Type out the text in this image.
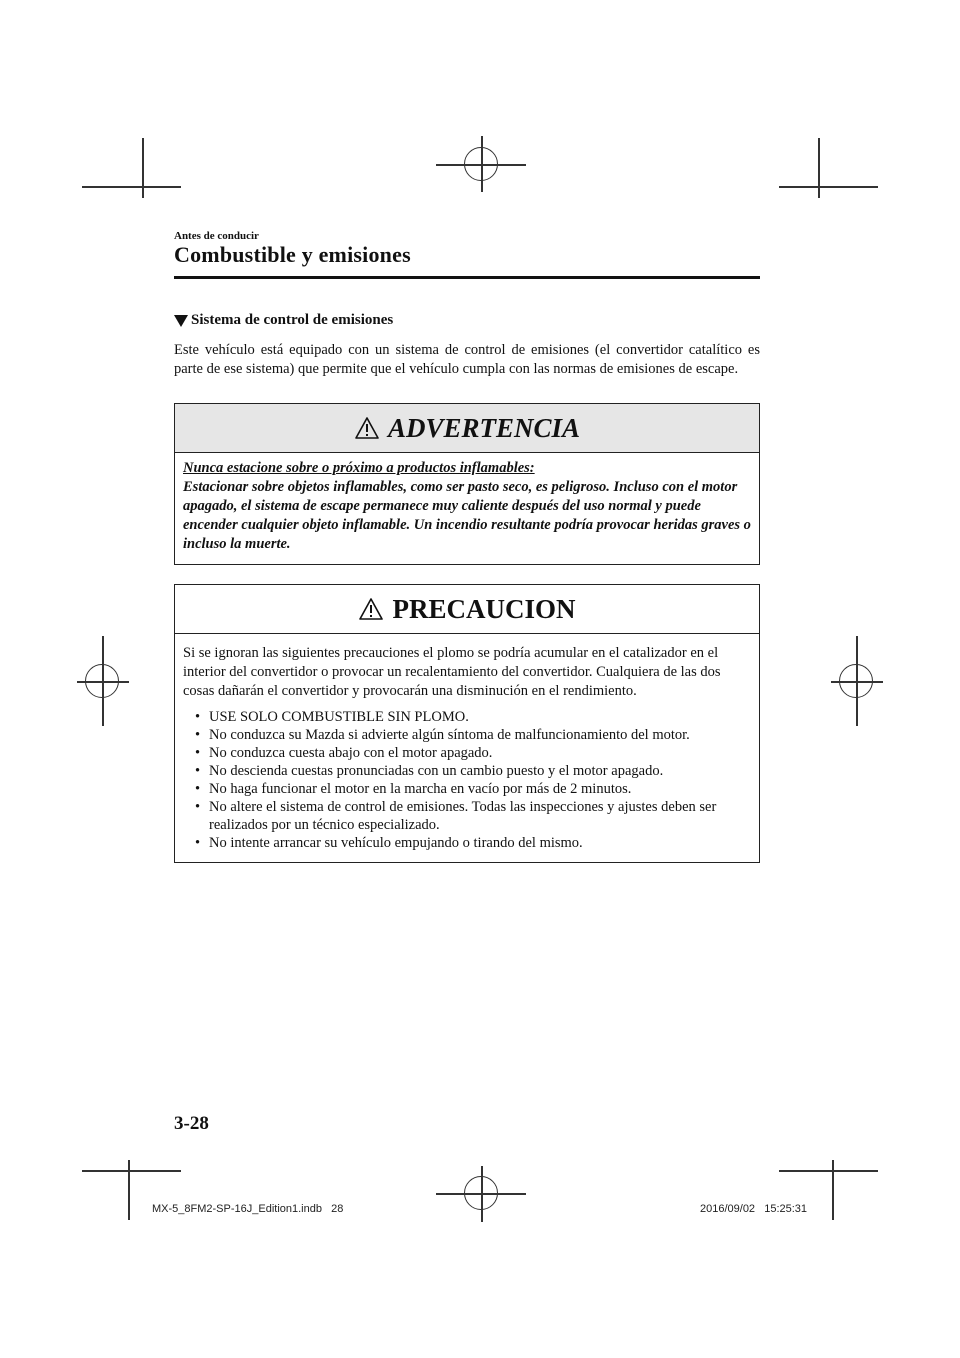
Antes de conducir
Combustible y emisiones
Sistema de control de emisiones
Este vehículo está equipado con un sistema de control de emisiones (el convertidor catalítico es parte de ese sistema) que permite que el vehículo cumpla con las normas de emisiones de escape.
ADVERTENCIA
Nunca estacione sobre o próximo a productos inflamables:
Estacionar sobre objetos inflamables, como ser pasto seco, es peligroso. Incluso con el motor apagado, el sistema de escape permanece muy caliente después del uso normal y puede encender cualquier objeto inflamable. Un incendio resultante podría provocar heridas graves o incluso la muerte.
PRECAUCION

Si se ignoran las siguientes precauciones el plomo se podría acumular en el catalizador en el interior del convertidor o provocar un recalentamiento del convertidor. Cualquiera de las dos cosas dañarán el convertidor y provocarán una disminución en el rendimiento.

• USE SOLO COMBUSTIBLE SIN PLOMO.
• No conduzca su Mazda si advierte algún síntoma de malfuncionamiento del motor.
• No conduzca cuesta abajo con el motor apagado.
• No descienda cuestas pronunciadas con un cambio puesto y el motor apagado.
• No haga funcionar el motor en la marcha en vacío por más de 2 minutos.
• No altere el sistema de control de emisiones. Todas las inspecciones y ajustes deben ser realizados por un técnico especializado.
• No intente arrancar su vehículo empujando o tirando del mismo.
3-28
MX-5_8FM2-SP-16J_Edition1.indb 28	2016/09/02   15:25:31
